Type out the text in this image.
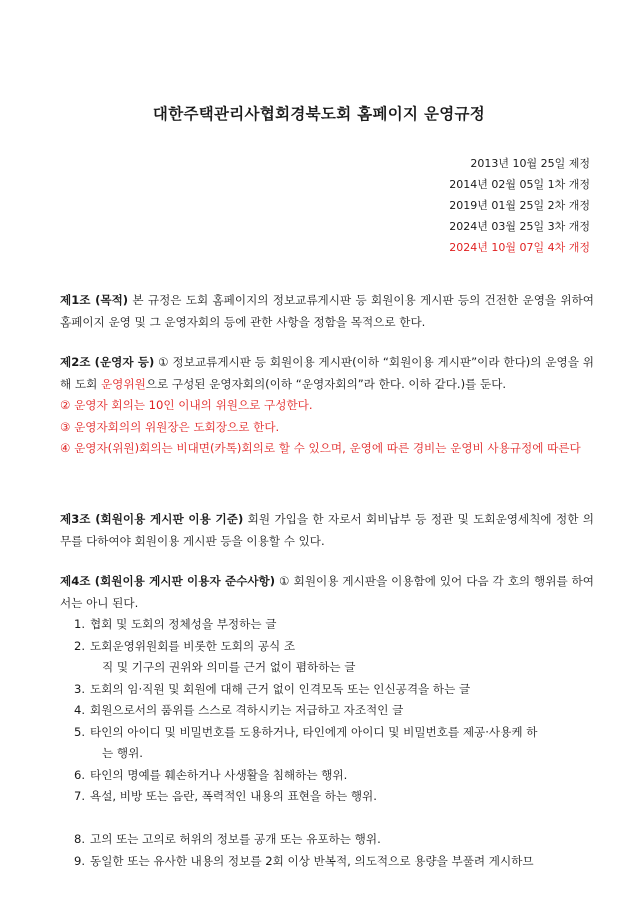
대한주택관리사협회경북도회 홈페이지 운영규정
2013년 10월 25일 제정
2014년 02월 05일 1차 개정
2019년 01월 25일 2차 개정
2024년 03월 25일 3차 개정
2024년 10월 07일 4차 개정

제1조 (목적) 본 규정은 도회 홈페이지의 정보교류게시판 등 회원이용 게시판 등의 건전한 운영을 위하여 홈페이지 운영 및 그 운영자회의 등에 관한 사항을 정함을 목적으로 한다.

제2조 (운영자 등) ① 정보교류게시판 등 회원이용 게시판(이하 “회원이용 게시판”이라 한다)의 운영을 위해 도회 운영위원으로 구성된 운영자회의(이하 “운영자회의”라 한다. 이하 같다.)를 둔다.

② 운영자 회의는 10인 이내의 위원으로 구성한다.

③ 운영자회의의 위원장은 도회장으로 한다.

④ 운영자(위원)회의는 비대면(카톡)회의로 할 수 있으며, 운영에 따른 경비는 운영비 사용규정에 따른다

제3조 (회원이용 게시판 이용 기준) 회원 가입을 한 자로서 회비납부 등 정관 및 도회운영세칙에 정한 의무를 다하여야 회원이용 게시판 등을 이용할 수 있다.

제4조 (회원이용 게시판 이용자 준수사항) ① 회원이용 게시판을 이용함에 있어 다음 각 호의 행위를 하여서는 아니 된다.

1. 협회 및 도회의 정체성을 부정하는 글
2. 도회운영위원회를 비롯한 도회의 공식 조
직 및 기구의 권위와 의미를 근거 없이 폄하하는 글
3. 도회의 임·직원 및 회원에 대해 근거 없이 인격모독 또는 인신공격을 하는 글
4. 회원으로서의 품위를 스스로 격하시키는 저급하고 자조적인 글
5. 타인의 아이디 및 비밀번호를 도용하거나, 타인에게 아이디 및 비밀번호를 제공·사용케 하
는 행위.
6. 타인의 명예를 훼손하거나 사생활을 침해하는 행위.
7. 욕설, 비방 또는 음란, 폭력적인 내용의 표현을 하는 행위.
8. 고의 또는 고의로 허위의 정보를 공개 또는 유포하는 행위.
9. 동일한 또는 유사한 내용의 정보를 2회 이상 반복적, 의도적으로 용량을 부풀려 게시하므
